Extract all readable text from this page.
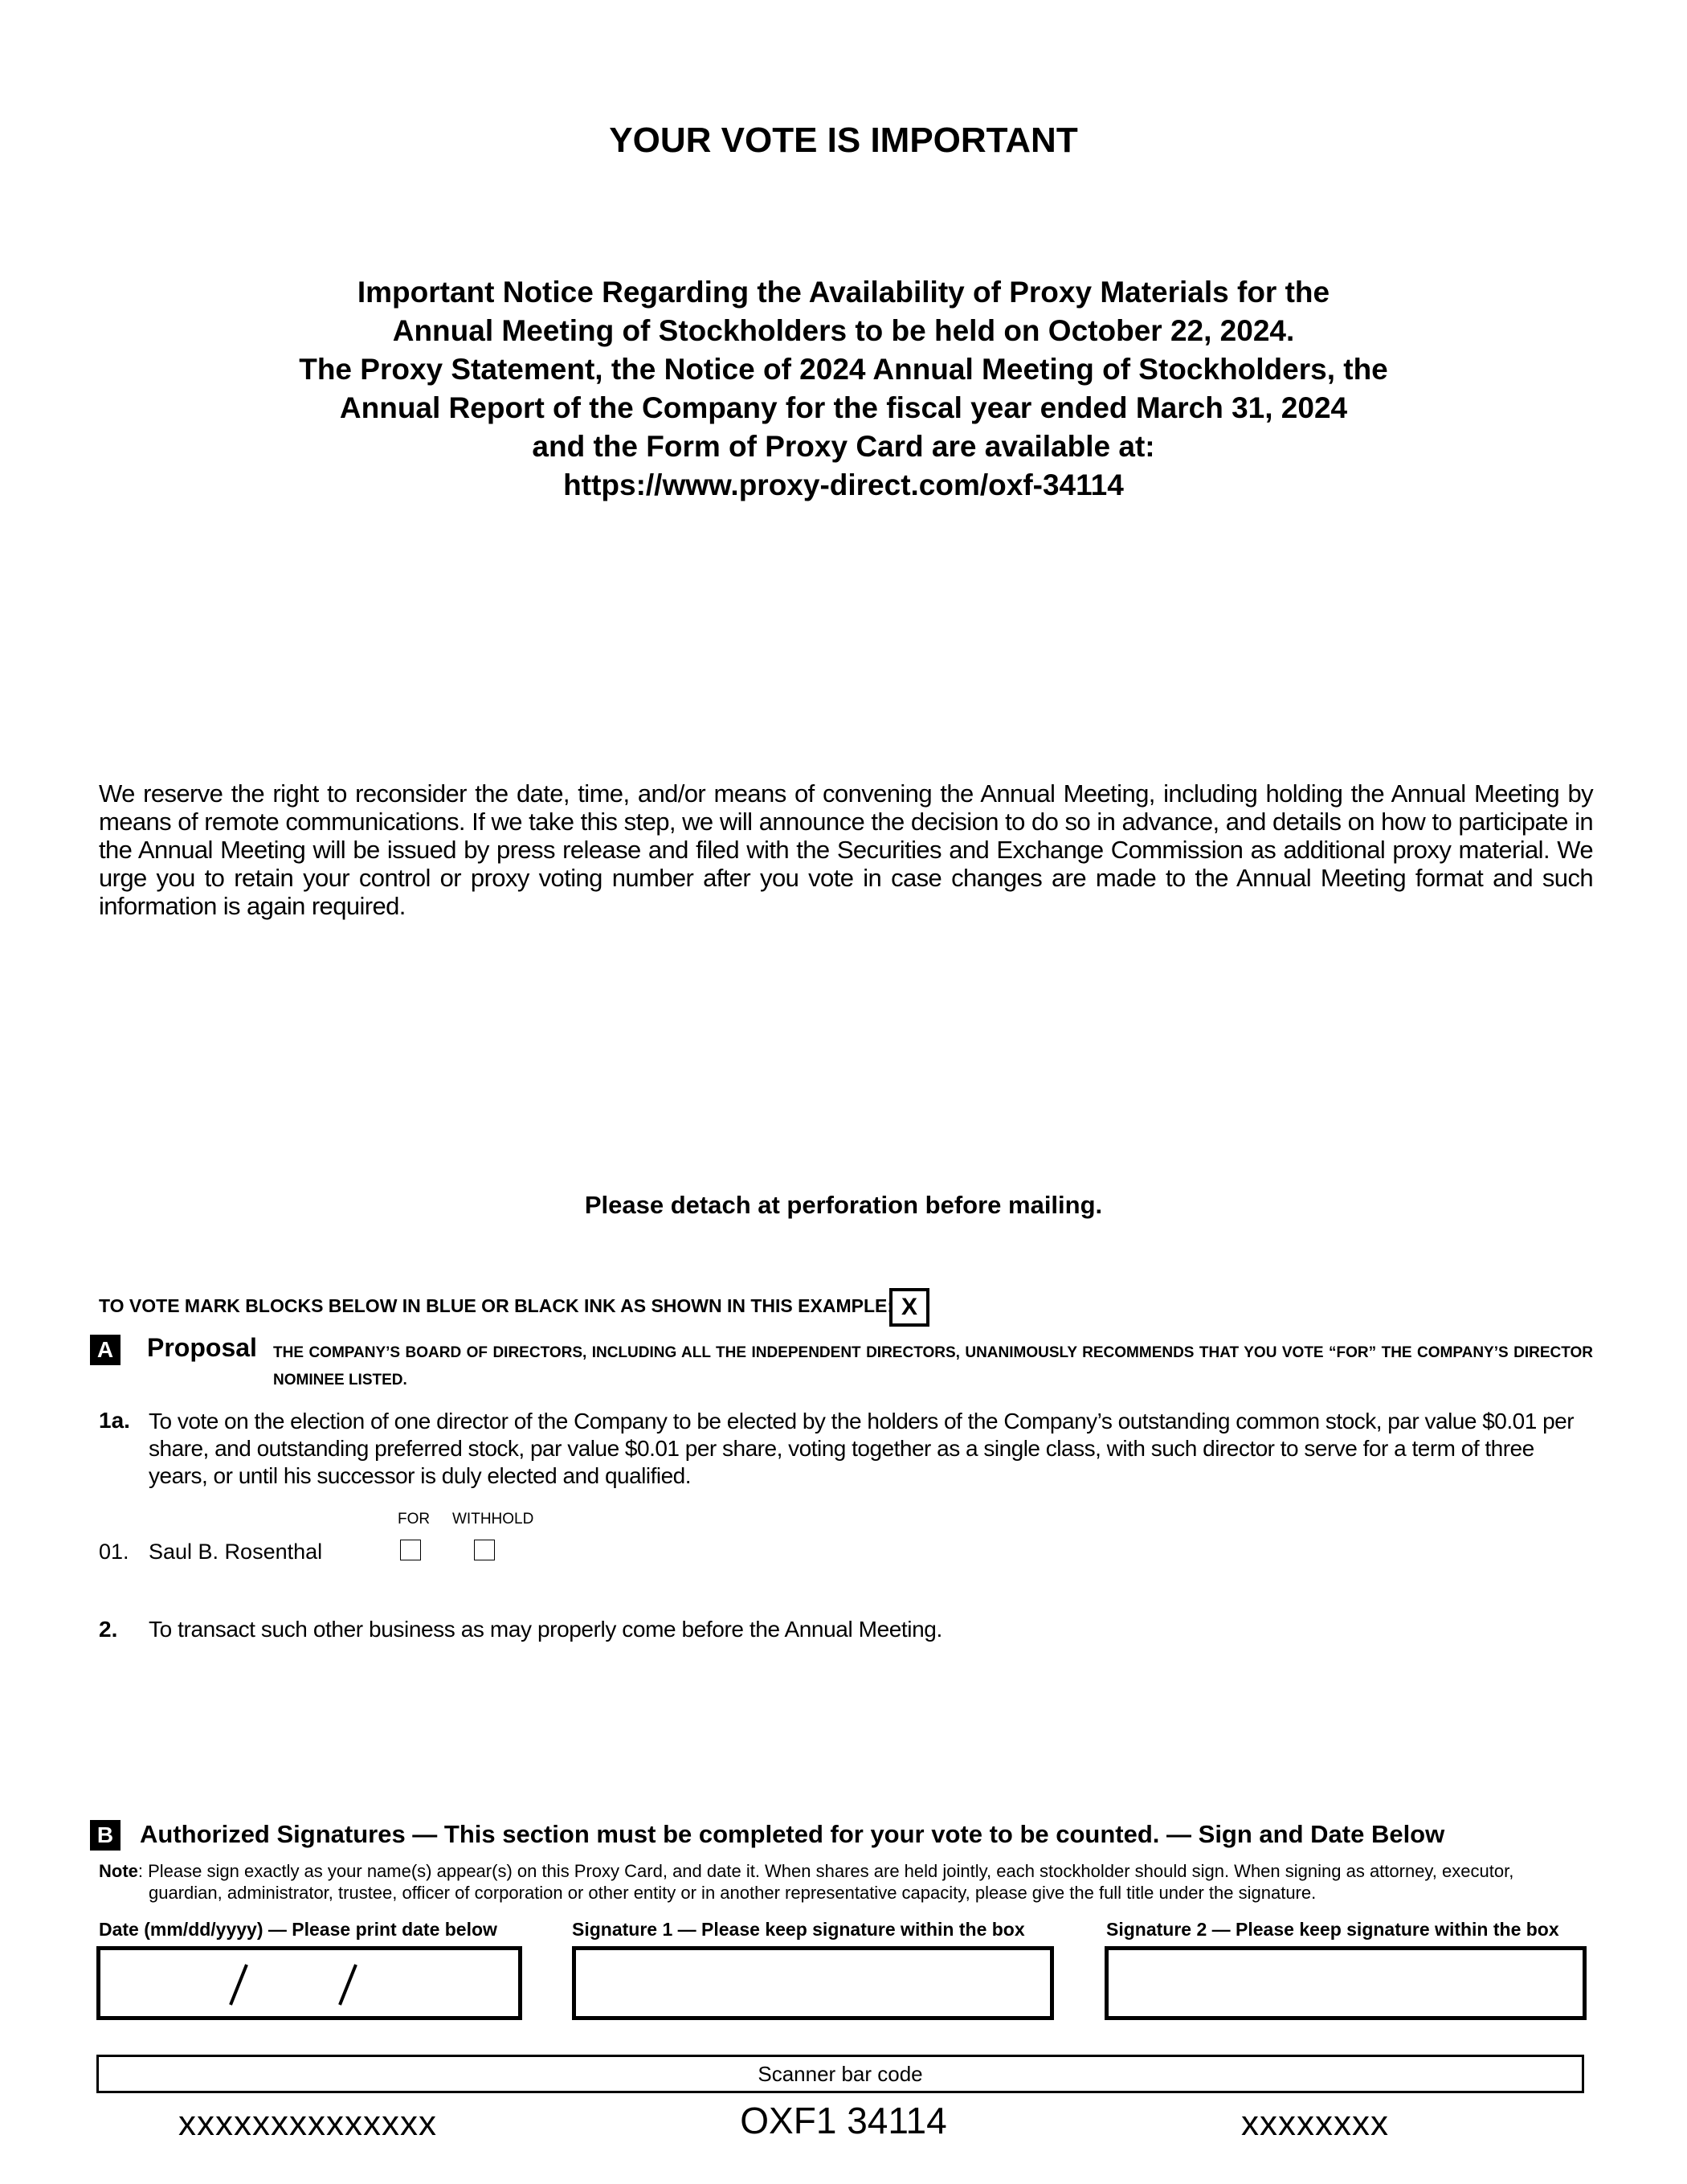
YOUR VOTE IS IMPORTANT
Important Notice Regarding the Availability of Proxy Materials for the
Annual Meeting of Stockholders to be held on October 22, 2024.
The Proxy Statement, the Notice of 2024 Annual Meeting of Stockholders, the
Annual Report of the Company for the fiscal year ended March 31, 2024
and the Form of Proxy Card are available at:
https://www.proxy-direct.com/oxf-34114
We reserve the right to reconsider the date, time, and/or means of convening the Annual Meeting, including holding the Annual Meeting by means of remote communications. If we take this step, we will announce the decision to do so in advance, and details on how to participate in the Annual Meeting will be issued by press release and filed with the Securities and Exchange Commission as additional proxy material. We urge you to retain your control or proxy voting number after you vote in case changes are made to the Annual Meeting format and such information is again required.
Please detach at perforation before mailing.
TO VOTE MARK BLOCKS BELOW IN BLUE OR BLACK INK AS SHOWN IN THIS EXAMPLE: X
A Proposal THE COMPANY’S BOARD OF DIRECTORS, INCLUDING ALL THE INDEPENDENT DIRECTORS, UNANIMOUSLY RECOMMENDS THAT YOU VOTE “FOR” THE COMPANY’S DIRECTOR NOMINEE LISTED.
1a. To vote on the election of one director of the Company to be elected by the holders of the Company’s outstanding common stock, par value $0.01 per share, and outstanding preferred stock, par value $0.01 per share, voting together as a single class, with such director to serve for a term of three years, or until his successor is duly elected and qualified.
FOR WITHHOLD
01. Saul B. Rosenthal
2. To transact such other business as may properly come before the Annual Meeting.
B Authorized Signatures — This section must be completed for your vote to be counted. — Sign and Date Below
Note: Please sign exactly as your name(s) appear(s) on this Proxy Card, and date it. When shares are held jointly, each stockholder should sign. When signing as attorney, executor,
guardian, administrator, trustee, officer of corporation or other entity or in another representative capacity, please give the full title under the signature.
Date (mm/dd/yyyy) — Please print date below	Signature 1 — Please keep signature within the box	Signature 2 — Please keep signature within the box
Scanner bar code
xxxxxxxxxxxxxx	OXF1 34114	xxxxxxxx
